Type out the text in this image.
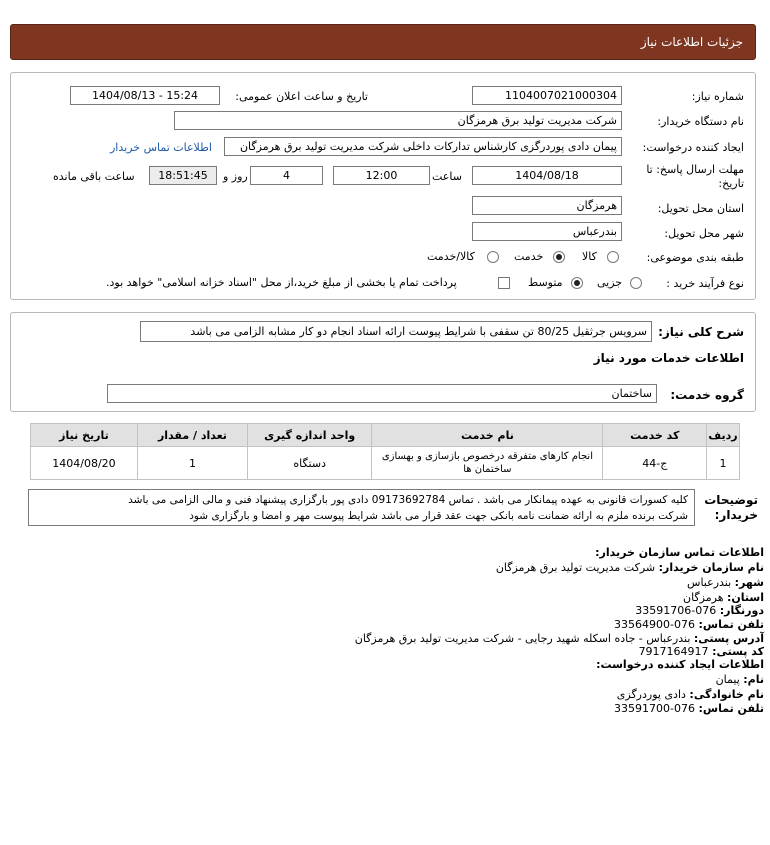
جزئیات اطلاعات نیاز
شماره نیاز:
1104007021000304
تاریخ و ساعت اعلان عمومی:
1404/08/13 - 15:24
نام دستگاه خریدار:
شرکت مدیریت تولید برق هرمزگان
ایجاد کننده درخواست:
پیمان دادی پوردرگزی کارشناس تدارکات داخلی شرکت مدیریت تولید برق هرمزگان
اطلاعات تماس خریدار
مهلت ارسال پاسخ: تا
تاریخ:
1404/08/18
ساعت
12:00
4
روز و
18:51:45
ساعت باقی مانده
استان محل تحویل:
هرمزگان
شهر محل تحویل:
بندرعباس
طبقه بندی موضوعی:
کالا
خدمت
کالا/خدمت
نوع فرآیند خرید :
جزیی
متوسط
پرداخت تمام یا بخشی از مبلغ خرید،از محل "اسناد خزانه اسلامی" خواهد بود.
شرح کلی نیاز:
سرویس جرثقیل 80/25 تن سقفی با شرایط پیوست ارائه اسناد انجام دو کار مشابه الزامی می باشد
اطلاعات خدمات مورد نیاز
گروه خدمت:
ساختمان
ردیف	کد خدمت	نام خدمت	واحد اندازه گیری	تعداد / مقدار	تاریخ نیاز
1	ج-44	انجام کارهای متفرقه درخصوص بازسازی و بهسازی ساختمان ها	دستگاه	1	1404/08/20
توضیحات
خریدار:
کلیه کسورات قانونی به عهده پیمانکار می باشد . تماس 09173692784 دادی پور بارگزاری پیشنهاد فنی و مالی الزامی می باشد
شرکت برنده ملزم به ارائه ضمانت نامه بانکی جهت عقد قرار می باشد شرایط پیوست مهر و امضا و بارگزاری شود
اطلاعات تماس سازمان خریدار:
نام سازمان خریدار: شرکت مدیریت تولید برق هرمزگان
شهر: بندرعباس
استان: هرمزگان
دورنگار: 076-33591706
تلفن تماس: 076-33564900
آدرس پستی: بندرعباس - جاده اسکله شهید رجایی - شرکت مدیریت تولید برق هرمزگان
کد پستی: 7917164917
اطلاعات ایجاد کننده درخواست:
نام: پیمان
نام خانوادگی: دادی پوردرگزی
تلفن تماس: 076-33591700
